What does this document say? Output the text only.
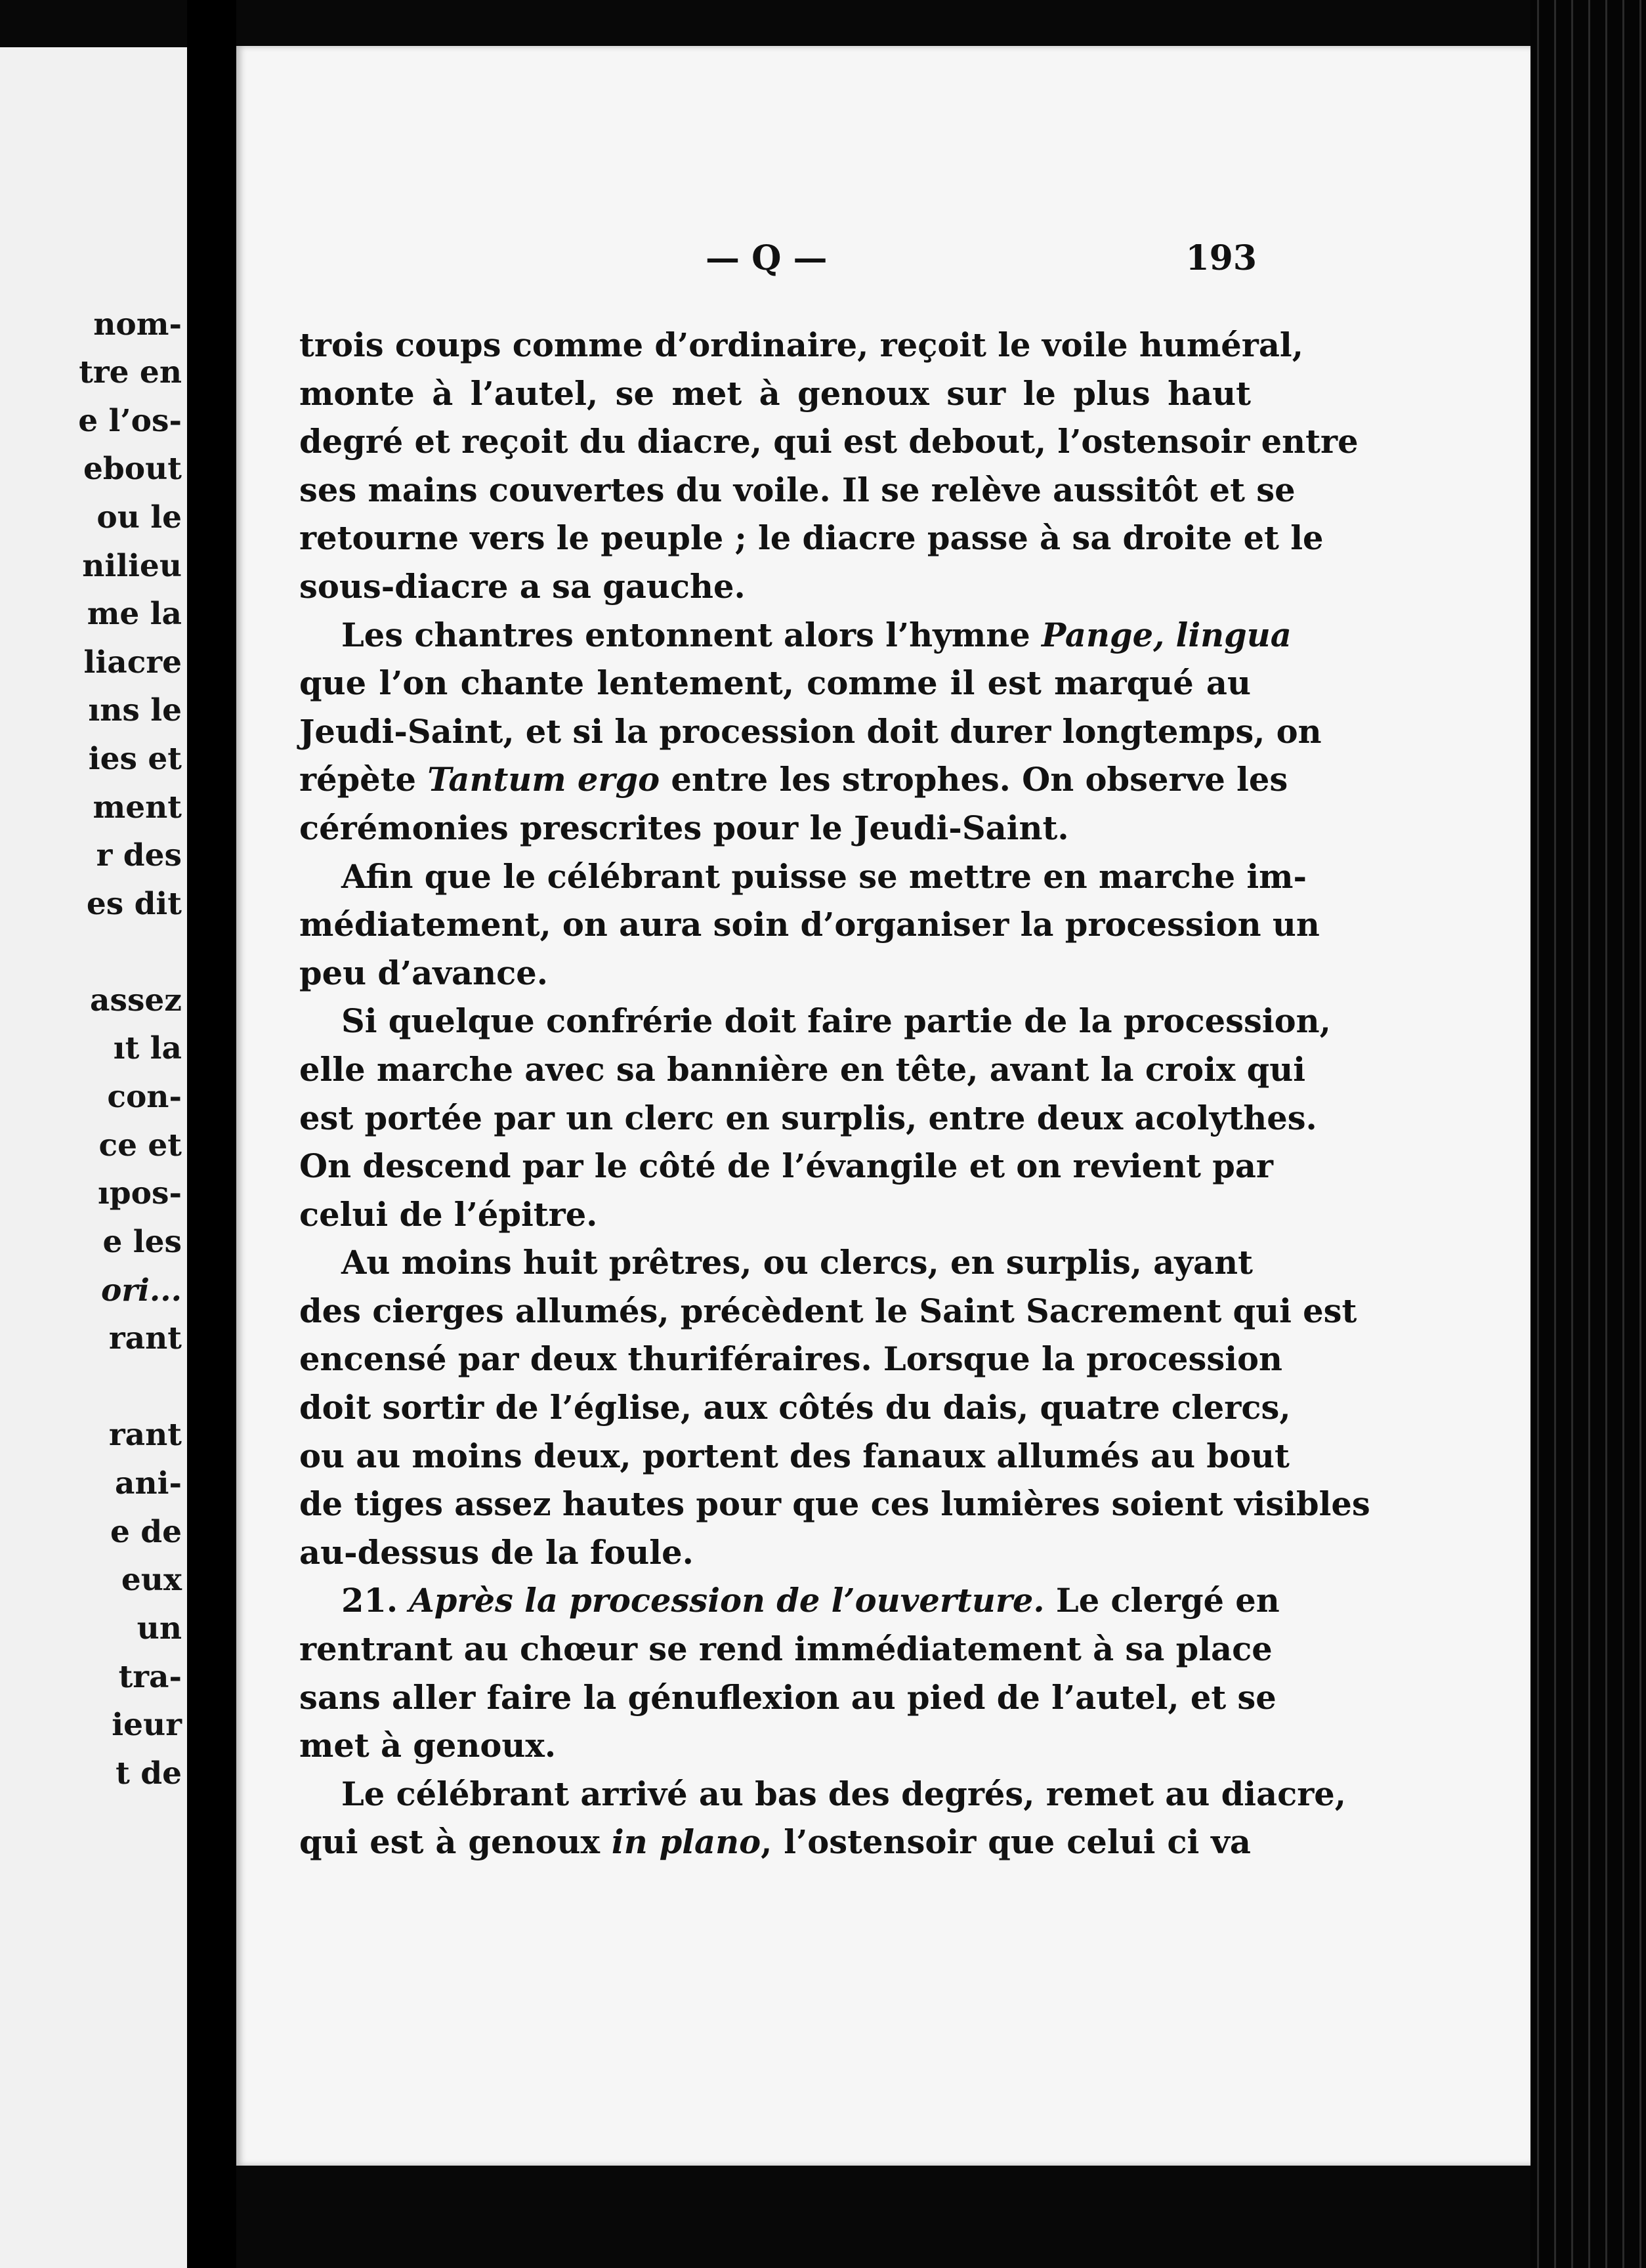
nom-
tre en
e l’os-
ebout
ou le
nilieu
me la
liacre
ıns le
ies et
ment
r des
es dit
assez
ıt la
con-
ce et
ıpos-
e les
ori...
rant
rant
ani-
e de
eux
un
tra-
ieur
t de
— Q —	193
trois coups comme d’ordinaire, reçoit le voile huméral,
monte à l’autel, se met à genoux sur le plus haut
degré et reçoit du diacre, qui est debout, l’ostensoir entre
ses mains couvertes du voile. Il se relève aussitôt et se
retourne vers le peuple ; le diacre passe à sa droite et le
sous-diacre a sa gauche.
Les chantres entonnent alors l’hymne Pange, lingua
que l’on chante lentement, comme il est marqué au
Jeudi-Saint, et si la procession doit durer longtemps, on
répète Tantum ergo entre les strophes. On observe les
cérémonies prescrites pour le Jeudi-Saint.
Afin que le célébrant puisse se mettre en marche im-
médiatement, on aura soin d’organiser la procession un
peu d’avance.
Si quelque confrérie doit faire partie de la procession,
elle marche avec sa bannière en tête, avant la croix qui
est portée par un clerc en surplis, entre deux acolythes.
On descend par le côté de l’évangile et on revient par
celui de l’épitre.
Au moins huit prêtres, ou clercs, en surplis, ayant
des cierges allumés, précèdent le Saint Sacrement qui est
encensé par deux thuriféraires. Lorsque la procession
doit sortir de l’église, aux côtés du dais, quatre clercs,
ou au moins deux, portent des fanaux allumés au bout
de tiges assez hautes pour que ces lumières soient visibles
au-dessus de la foule.
21. Après la procession de l’ouverture. Le clergé en
rentrant au chœur se rend immédiatement à sa place
sans aller faire la génuflexion au pied de l’autel, et se
met à genoux.
Le célébrant arrivé au bas des degrés, remet au diacre,
qui est à genoux in plano, l’ostensoir que celui ci va
